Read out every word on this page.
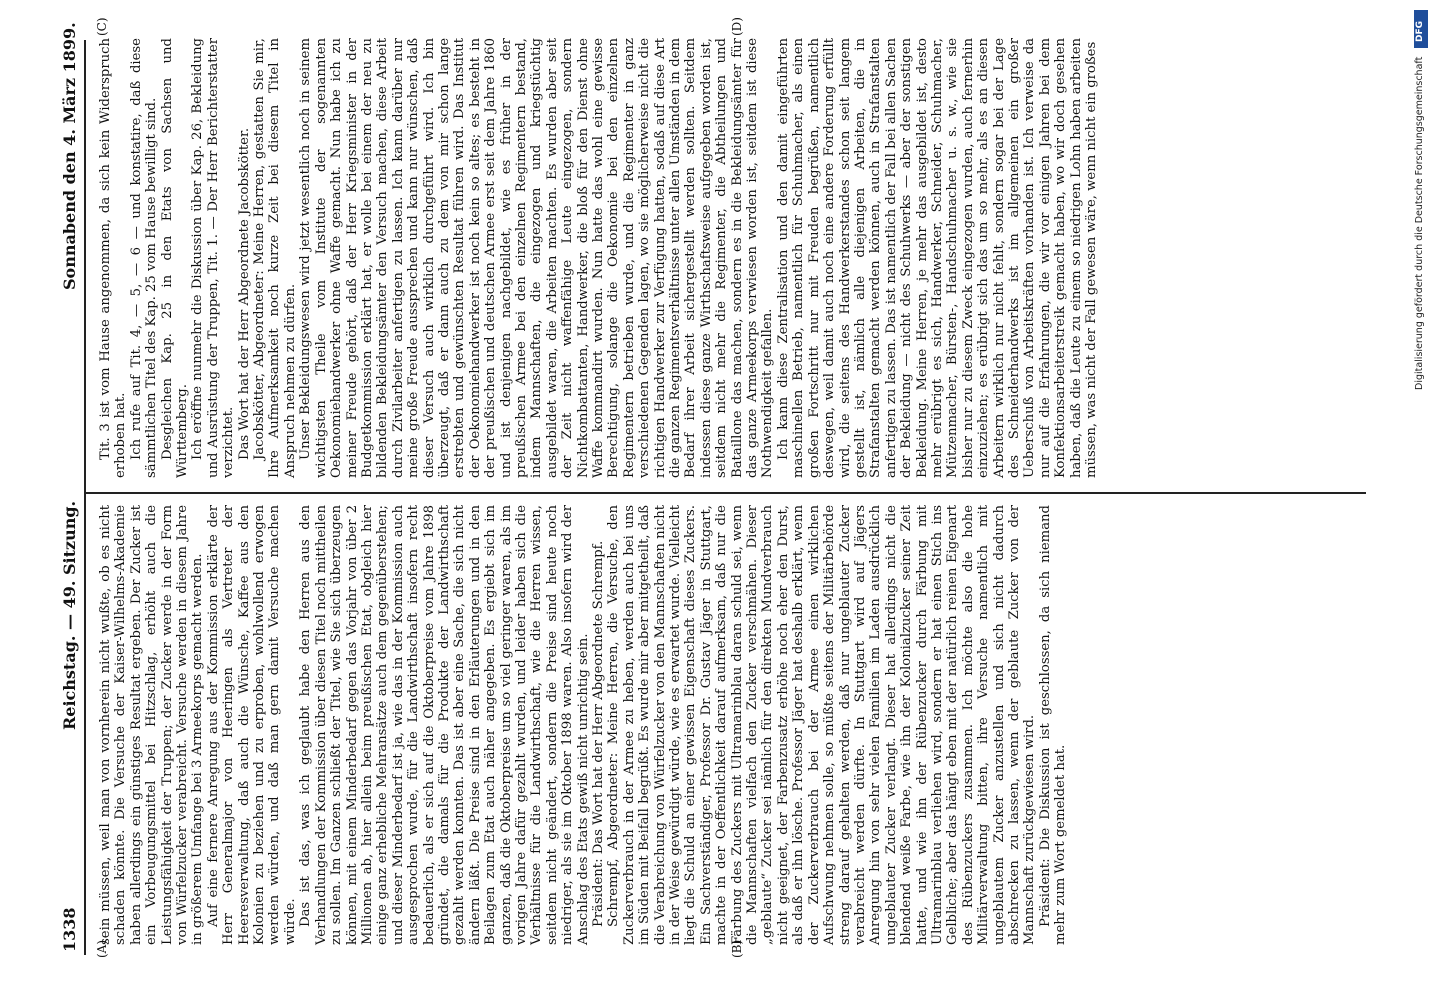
1338
Reichstag. — 49. Sitzung.
Sonnabend den 4. März 1899.
(A)	(B)
(C)	(D)

sein müssen, weil man von vornherein nicht wußte, ob es nicht schaden könnte. Die Versuche der Kaiser-Wilhelms-Akademie haben allerdings ein günstiges Resultat ergeben. Der Zucker ist ein Vorbeugungsmittel bei Hitzschlag, erhöht auch die Leistungsfähigkeit der Truppen; der Zucker werde in der Form von Würfelzucker verabreicht. Versuche werden in diesem Jahre in größerem Umfange bei 3 Armeekorps gemacht werden. Auf eine fernere Anregung aus der Kommission erklärte der Herr Generalmajor von Heeringen als Vertreter der Heeresverwaltung, daß auch die Wünsche, Kaffee aus den Kolonien zu beziehen und zu erproben, wohlwollend erwogen werden würden, und daß man gern damit Versuche machen würde. Das ist das, was ich geglaubt habe den Herren aus den Verhandlungen der Kommission über diesen Titel noch mittheilen zu sollen. Im Ganzen schließt der Titel, wie Sie sich überzeugen können, mit einem Minderbedarf gegen das Vorjahr von über 2 Millionen ab, hier allein beim preußischen Etat, obgleich hier einige ganz erhebliche Mehransätze auch dem gegenüberstehen; und dieser Minderbedarf ist ja, wie das in der Kommission auch ausgesprochen wurde, für die Landwirthschaft insofern recht bedauerlich, als er sich auf die Oktoberpreise vom Jahre 1898 gründet, die damals für die Produkte der Landwirthschaft gezahlt werden konnten. Das ist aber eine Sache, die sich nicht ändern läßt. Die Preise sind in den Erläuterungen und in den Beilagen zum Etat auch näher angegeben. Es ergiebt sich im ganzen, daß die Oktoberpreise um so viel geringer waren, als im vorigen Jahre dafür gezahlt wurden, und leider haben sich die Verhältnisse für die Landwirthschaft, wie die Herren wissen, seitdem nicht geändert, sondern die Preise sind heute noch niedriger, als sie im Oktober 1898 waren. Also insofern wird der Anschlag des Etats gewiß nicht unrichtig sein. Präsident: Das Wort hat der Herr Abgeordnete Schrempf. Schrempf, Abgeordneter: Meine Herren, die Versuche, den Zuckerverbrauch in der Armee zu heben, werden auch bei uns im Süden mit Beifall begrüßt. Es wurde mir aber mitgetheilt, daß die Verabreichung von Würfelzucker von den Mannschaften nicht in der Weise gewürdigt würde, wie es erwartet wurde. Vielleicht liegt die Schuld an einer gewissen Eigenschaft dieses Zuckers. Ein Sachverständiger, Professor Dr. Gustav Jäger in Stuttgart, machte in der Oeffentlichkeit darauf aufmerksam, daß nur die Färbung des Zuckers mit Ultramarinblau daran schuld sei, wenn die Mannschaften vielfach den Zucker verschmähen. Dieser „geblaute“ Zucker sei nämlich für den direkten Mundverbrauch nicht geeignet, der Farbenzusatz erhöhe noch eher den Durst, als daß er ihn lösche. Professor Jäger hat deshalb erklärt, wenn der Zuckerverbrauch bei der Armee einen wirklichen Aufschwung nehmen solle, so müßte seitens der Militärbehörde streng darauf gehalten werden, daß nur ungeblauter Zucker verabreicht werden dürfte. In Stuttgart wird auf Jägers Anregung hin von sehr vielen Familien im Laden ausdrücklich ungeblauter Zucker verlangt. Dieser hat allerdings nicht die blendend weiße Farbe, wie ihn der Kolonialzucker seiner Zeit hatte, und wie ihn der Rübenzucker durch Färbung mit Ultramarinblau verliehen wird, sondern er hat einen Stich ins Gelbliche; aber das hängt eben mit der natürlich reinen Eigenart des Rübenzuckers zusammen. Ich möchte also die hohe Militärverwaltung bitten, ihre Versuche namentlich mit ungeblautem Zucker anzustellen und sich nicht dadurch abschrecken zu lassen, wenn der geblaute Zucker von der Mannschaft zurückgewiesen wird. Präsident: Die Diskussion ist geschlossen, da sich niemand mehr zum Wort gemeldet hat.

Tit. 3 ist vom Hause angenommen, da sich kein Widerspruch erhoben hat. Ich rufe auf Tit. 4, — 5, — 6 — und konstatire, daß diese sämmtlichen Titel des Kap. 25 vom Hause bewilligt sind. Desgleichen Kap. 25 in den Etats von Sachsen und Württemberg. Ich eröffne nunmehr die Diskussion über Kap. 26, Bekleidung und Ausrüstung der Truppen, Tit. 1. — Der Herr Berichterstatter verzichtet. Das Wort hat der Herr Abgeordnete Jacobskötter. Jacobskötter, Abgeordneter: Meine Herren, gestatten Sie mir, Ihre Aufmerksamkeit noch kurze Zeit bei diesem Titel in Anspruch nehmen zu dürfen. Unser Bekleidungswesen wird jetzt wesentlich noch in seinem wichtigsten Theile vom Institute der sogenannten Oekonomiehandwerker ohne Waffe gemacht. Nun habe ich zu meiner Freude gehört, daß der Herr Kriegsminister in der Budgetkommission erklärt hat, er wolle bei einem der neu zu bildenden Bekleidungsämter den Versuch machen, diese Arbeit durch Zivilarbeiter anfertigen zu lassen. Ich kann darüber nur meine große Freude aussprechen und kann nur wünschen, daß dieser Versuch auch wirklich durchgeführt wird. Ich bin überzeugt, daß er dann auch zu dem von mir schon lange erstrebten und gewünschten Resultat führen wird. Das Institut der Oekonomiehandwerker ist noch kein so altes; es besteht in der preußischen und deutschen Armee erst seit dem Jahre 1860 und ist denjenigen nachgebildet, wie es früher in der preußischen Armee bei den einzelnen Regimentern bestand, indem Mannschaften, die eingezogen und kriegstüchtig ausgebildet waren, die Arbeiten machten. Es wurden aber seit der Zeit nicht waffenfähige Leute eingezogen, sondern Nichtkombattanten, Handwerker, die bloß für den Dienst ohne Waffe kommandirt wurden. Nun hatte das wohl eine gewisse Berechtigung, solange die Oekonomie bei den einzelnen Regimentern betrieben wurde, und die Regimenter in ganz verschiedenen Gegenden lagen, wo sie möglicherweise nicht die richtigen Handwerker zur Verfügung hatten, sodaß auf diese Art die ganzen Regimentsverhältnisse unter allen Umständen in dem Bedarf ihrer Arbeit sichergestellt werden sollten. Seitdem indessen diese ganze Wirthschaftsweise aufgegeben worden ist, seitdem nicht mehr die Regimenter, die Abtheilungen und Bataillone das machen, sondern es in die Bekleidungsämter für das ganze Armeekorps verwiesen worden ist, seitdem ist diese Nothwendigkeit gefallen. Ich kann diese Zentralisation und den damit eingeführten maschinellen Betrieb, namentlich für Schuhmacher, als einen großen Fortschritt nur mit Freuden begrüßen, namentlich deswegen, weil damit auch noch eine andere Forderung erfüllt wird, die seitens des Handwerkerstandes schon seit langem gestellt ist, nämlich alle diejenigen Arbeiten, die in Strafanstalten gemacht werden können, auch in Strafanstalten anfertigen zu lassen. Das ist namentlich der Fall bei allen Sachen der Bekleidung — nicht des Schuhwerks — aber der sonstigen Bekleidung. Meine Herren, je mehr das ausgebildet ist, desto mehr erübrigt es sich, Handwerker, Schneider, Schuhmacher, Mützenmacher, Bürsten-, Handschuhmacher u. s. w., wie sie bisher nur zu diesem Zweck eingezogen wurden, auch fernerhin einzuziehen; es erübrigt sich das um so mehr, als es an diesen Arbeitern wirklich nur nicht fehlt, sondern sogar bei der Lage des Schneiderhandwerks ist im allgemeinen ein großer Ueberschuß von Arbeitskräften vorhanden ist. Ich verweise da nur auf die Erfahrungen, die wir vor einigen Jahren bei dem Konfektionsarbeiterstreik gemacht haben, wo wir doch gesehen haben, daß die Leute zu einem so niedrigen Lohn haben arbeiten müssen, was nicht der Fall gewesen wäre, wenn nicht ein großes

DFG
Digitalisierung gefördert durch die Deutsche Forschungsgemeinschaft
